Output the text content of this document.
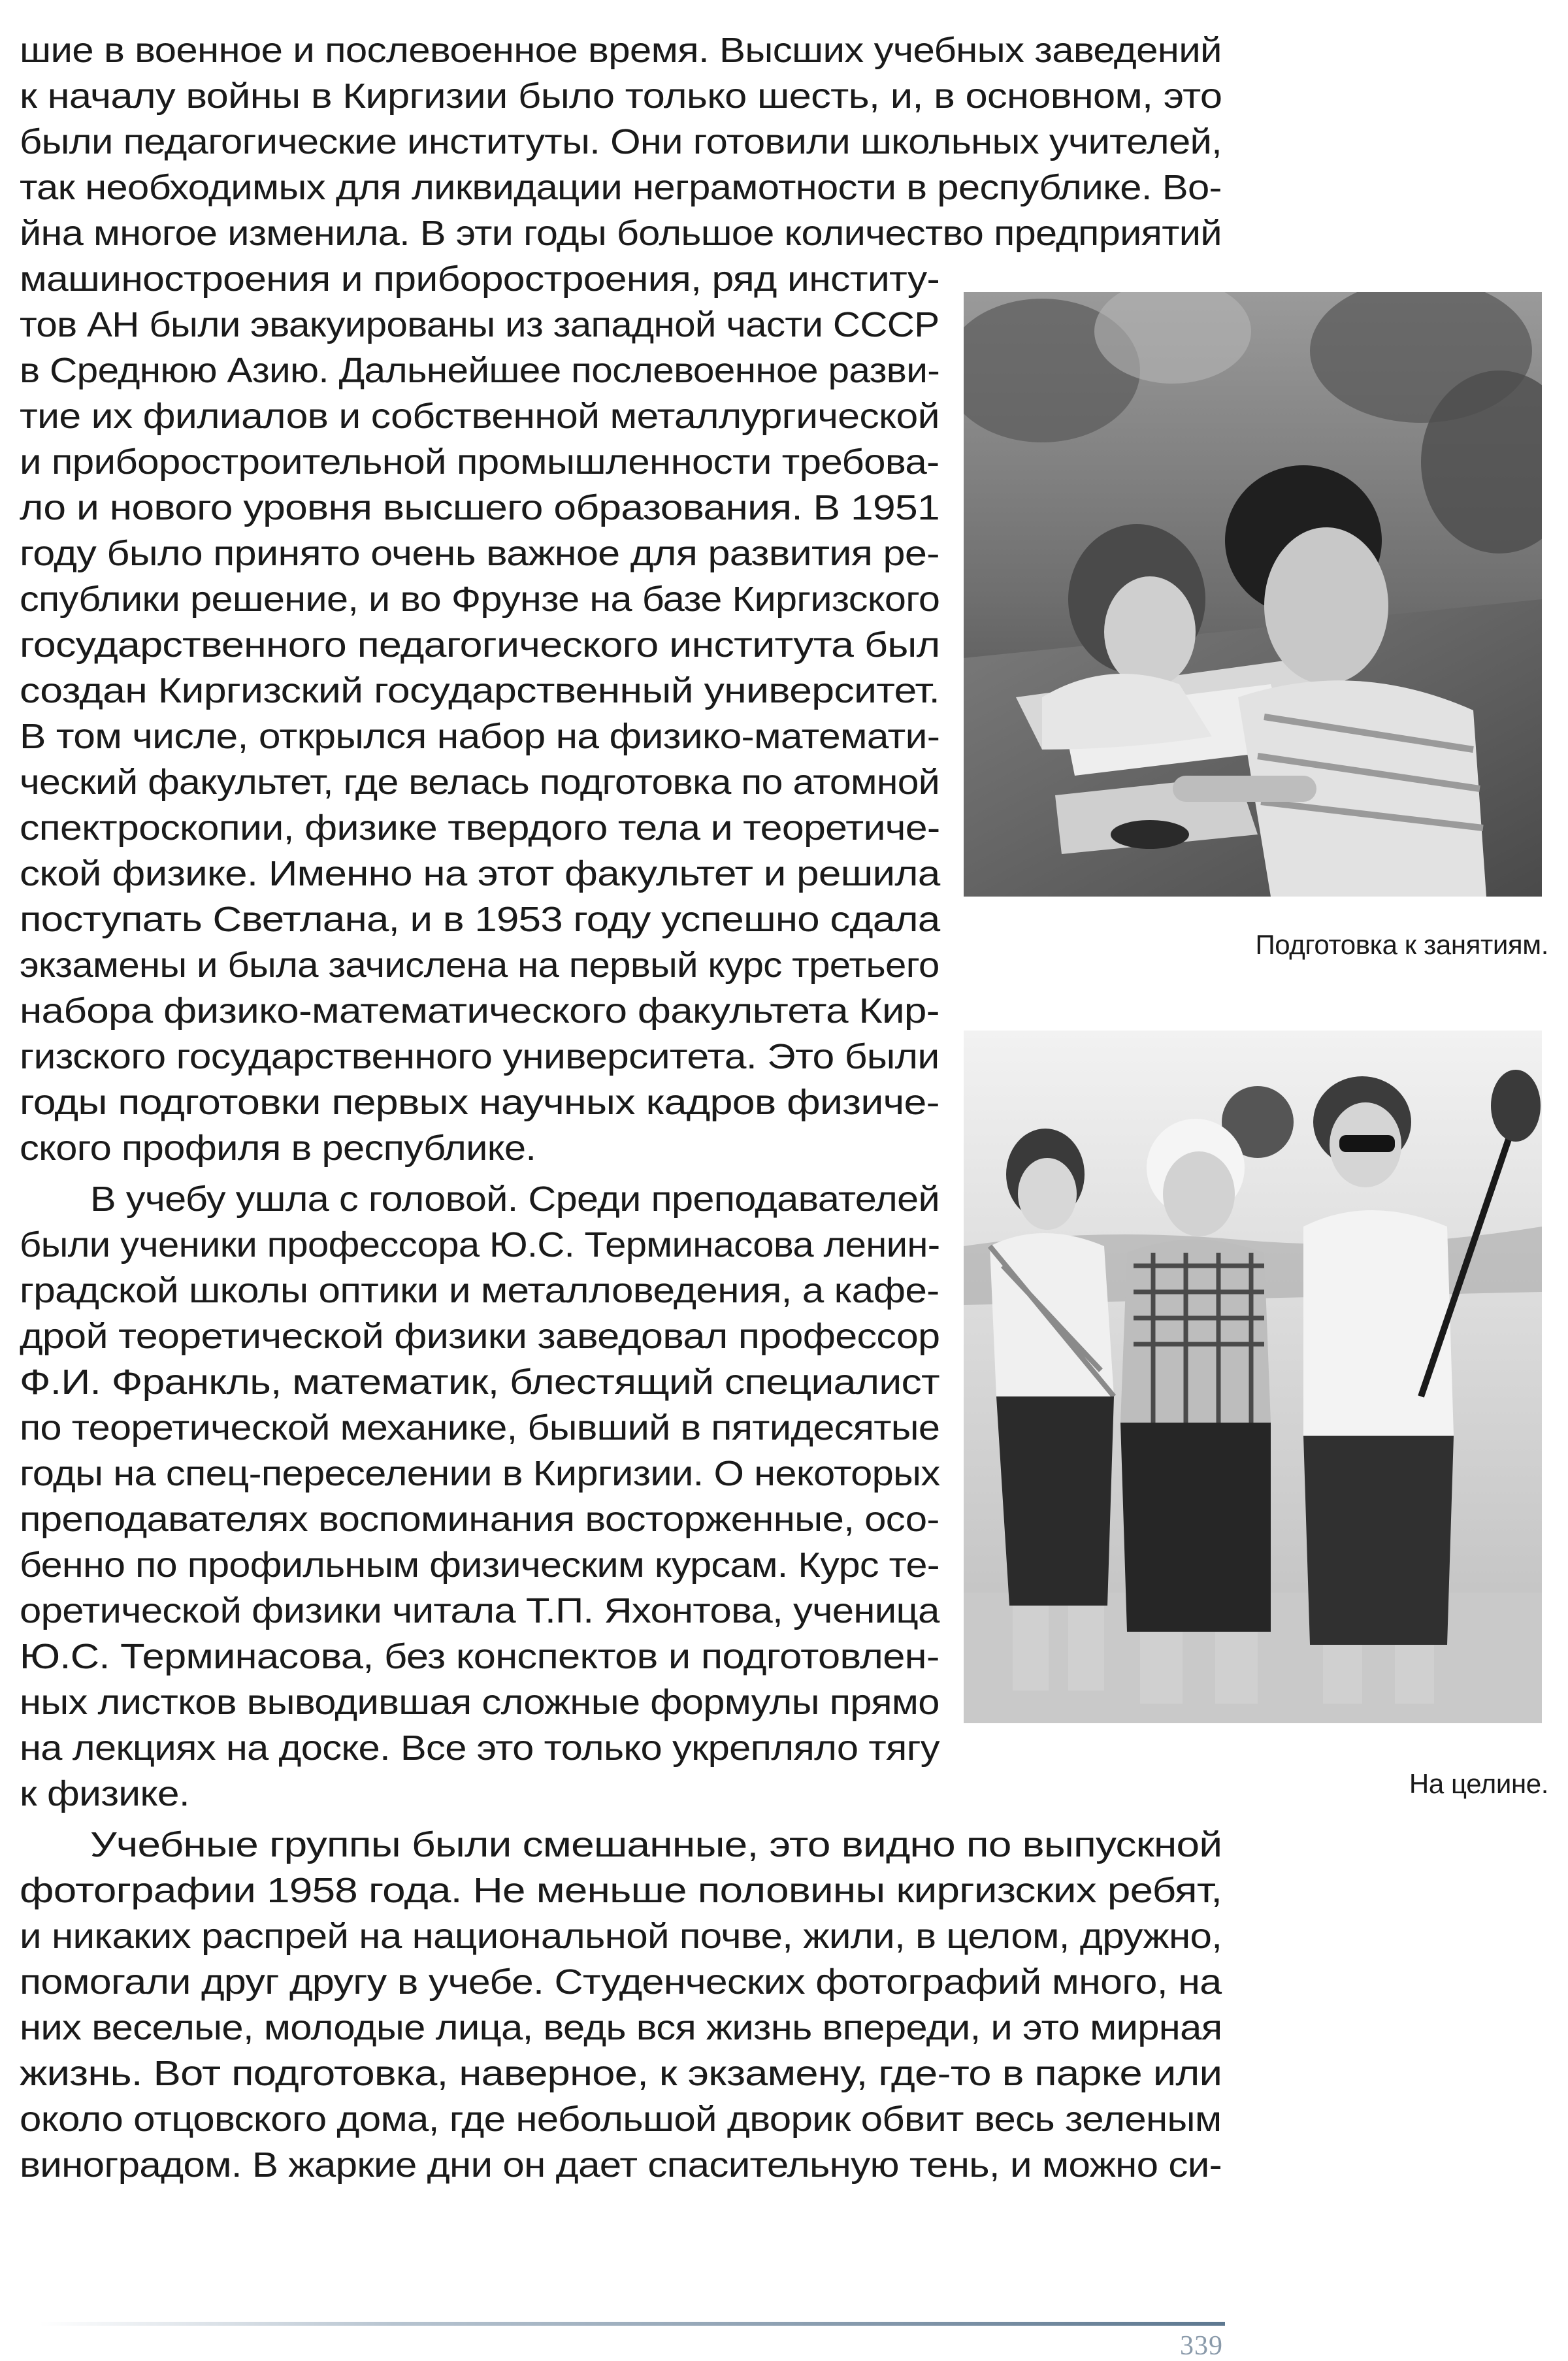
шие в военное и послевоенное время. Высших учебных заведений

к началу войны в Киргизии было только шесть, и, в основном, это

были педагогические институты. Они готовили школьных учителей,

так необходимых для ликвидации неграмотности в республике. Во-

йна многое изменила. В эти годы большое количество предприятий

машиностроения и приборостроения, ряд институ-

тов АН были эвакуированы из западной части СССР

в Среднюю Азию. Дальнейшее послевоенное разви-

тие их филиалов и собственной металлургической

и приборостроительной промышленности требова-

ло и нового уровня высшего образования. В 1951

году было принято очень важное для развития ре-

спублики решение, и во Фрунзе на базе Киргизского

государственного педагогического института был

создан Киргизский государственный университет.

В том числе, открылся набор на физико-математи-

ческий факультет, где велась подготовка по атомной

спектроскопии, физике твердого тела и теоретиче-

ской физике. Именно на этот факультет и решила

поступать Светлана, и в 1953 году успешно сдала

экзамены и была зачислена на первый курс третьего

набора физико-математического факультета Кир-

гизского государственного университета. Это были

годы подготовки первых научных кадров физиче-

ского профиля в республике.

В учебу ушла с головой. Среди преподавателей

были ученики профессора Ю.С. Терминасова ленин-

градской школы оптики и металловедения, а кафе-

дрой теоретической физики заведовал профессор

Ф.И. Франкль, математик, блестящий специалист

по теоретической механике, бывший в пятидесятые

годы на спец-переселении в Киргизии. О некоторых

преподавателях воспоминания восторженные, осо-

бенно по профильным физическим курсам. Курс те-

оретической физики читала Т.П. Яхонтова, ученица

Ю.С. Терминасова, без конспектов и подготовлен-

ных листков выводившая сложные формулы прямо

на лекциях на доске. Все это только укрепляло тягу

к физике.

Учебные группы были смешанные, это видно по выпускной

фотографии 1958 года. Не меньше половины киргизских ребят,

и никаких распрей на национальной почве, жили, в целом, дружно,

помогали друг другу в учебе. Студенческих фотографий много, на

них веселые, молодые лица, ведь вся жизнь впереди, и это мирная

жизнь. Вот подготовка, наверное, к экзамену, где-то в парке или

около отцовского дома, где небольшой дворик обвит весь зеленым

виноградом. В жаркие дни он дает спасительную тень, и можно си-

Подготовка к занятиям.
На целине.
339
